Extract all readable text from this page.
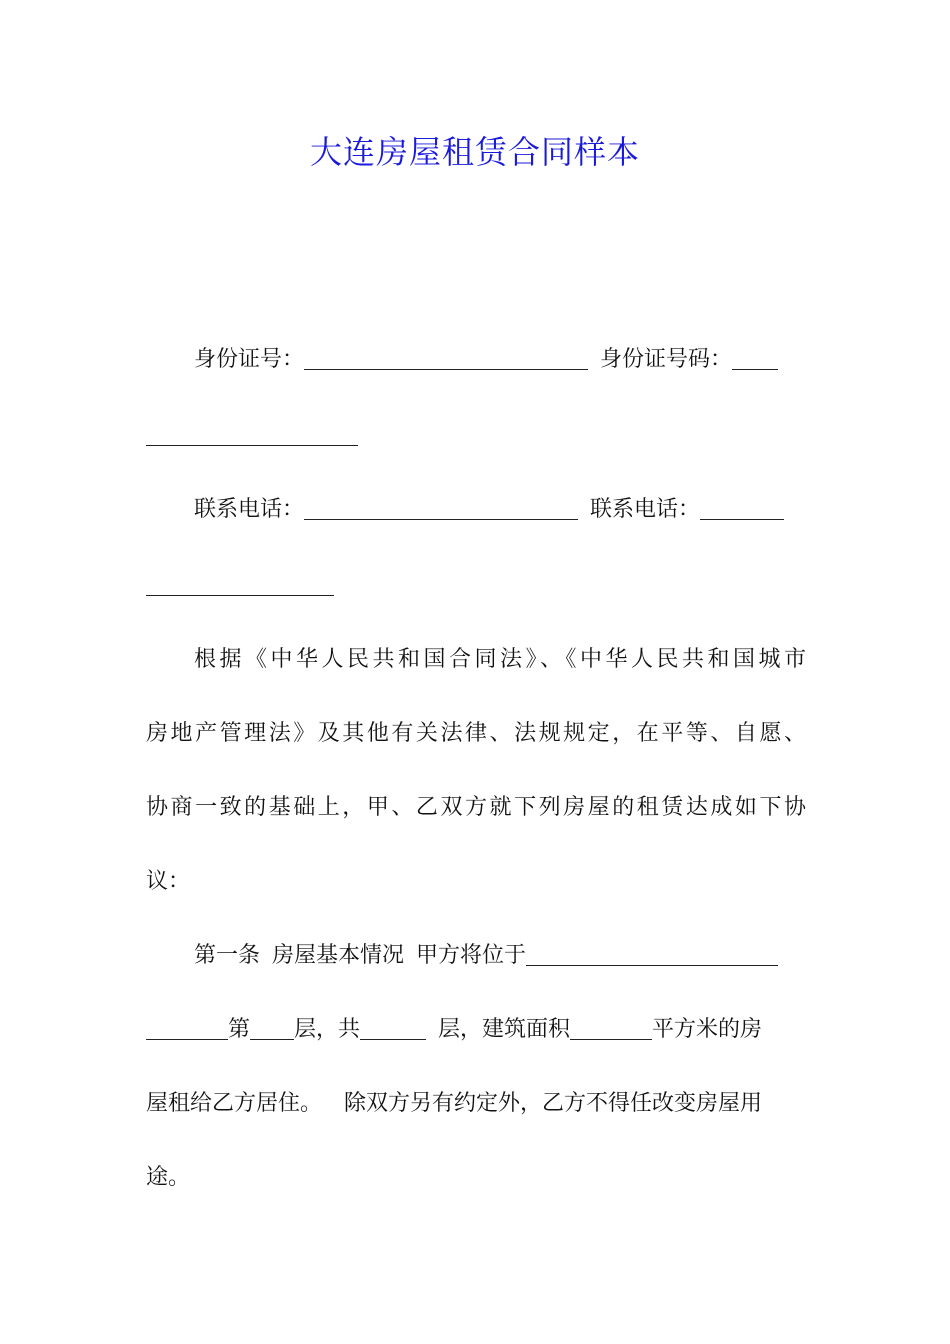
大连房屋租赁合同样本
身份证号：	身份证号码：
联系电话：	联系电话：
根据《中华人民共和国合同法》、《中华人民共和国城市
房地产管理法》及其他有关法律、法规规定，在平等、自愿、
协商一致的基础上，甲、乙双方就下列房屋的租赁达成如下协
议：
第一条 房屋基本情况 甲方将位于
第 层，共	层，建筑面积	平方米的房
屋租给乙方居住。 除双方另有约定外，乙方不得任改变房屋用
途。
